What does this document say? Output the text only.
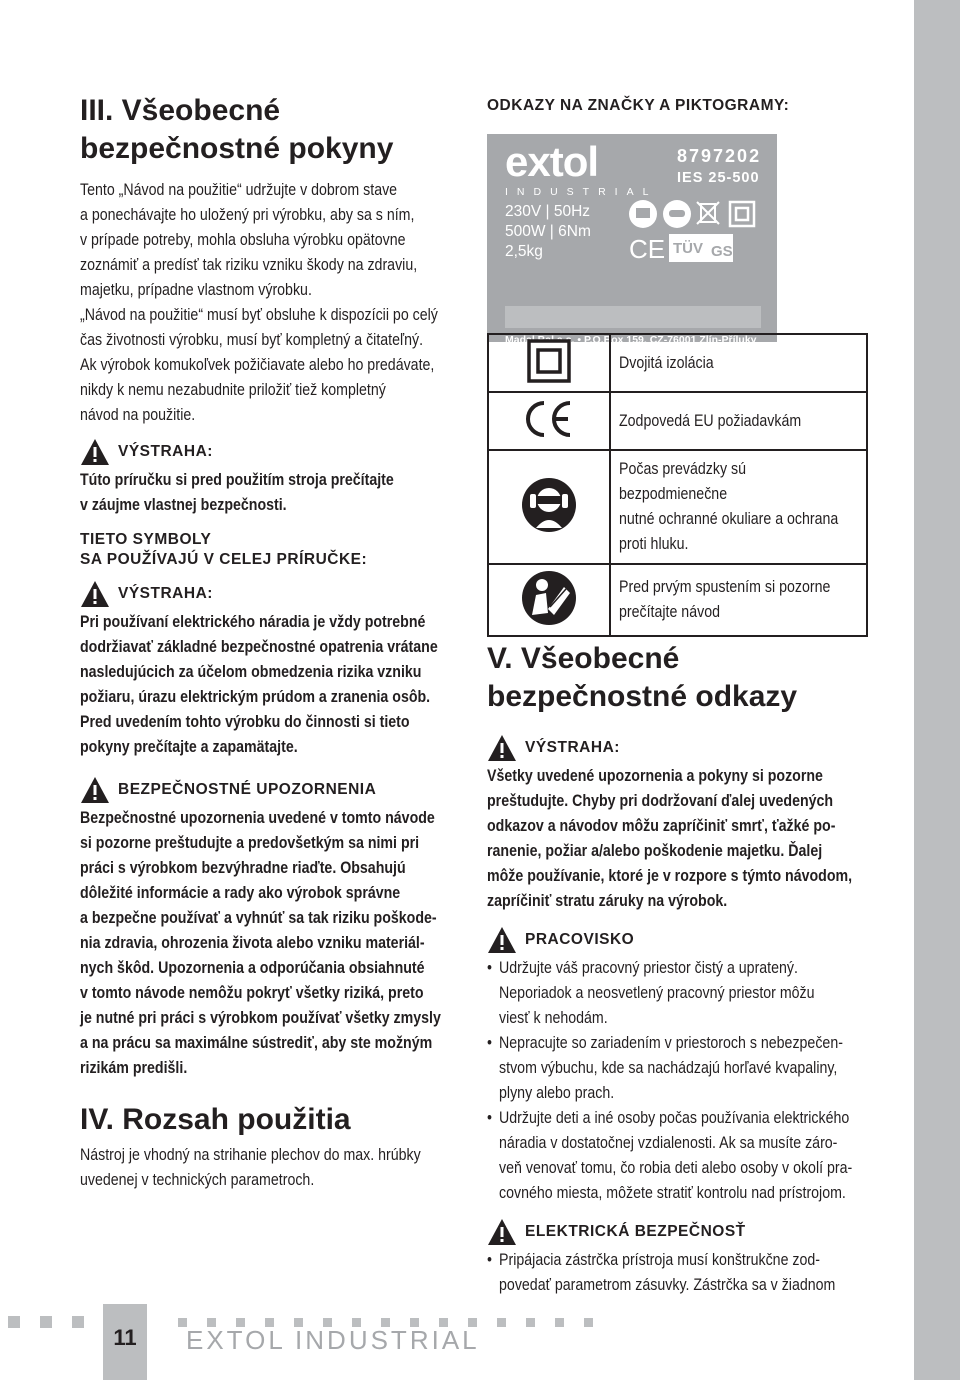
III. Všeobecné
bezpečnostné pokyny
Tento „Návod na použitie“ udržujte v dobrom stave
a ponechávajte ho uložený pri výrobku, aby sa s ním,
v prípade potreby, mohla obsluha výrobku opätovne
zoznámiť a predísť tak riziku vzniku škody na zdraviu,
majetku, prípadne vlastnom výrobku.
„Návod na použitie“ musí byť obsluhe k dispozícii po celý
čas životnosti výrobku, musí byť kompletný a čitateľný.
Ak výrobok komukoľvek požičiavate alebo ho predávate,
nikdy k nemu nezabudnite priložiť tiež kompletný
návod na použitie.
VÝSTRAHA:
Túto príručku si pred použitím stroja prečítajte
v záujme vlastnej bezpečnosti.
TIETO SYMBOLY
SA POUŽÍVAJÚ V CELEJ PRÍRUČKE:
VÝSTRAHA:
Pri používaní elektrického náradia je vždy potrebné
dodržiavať základné bezpečnostné opatrenia vrátane
nasledujúcich za účelom obmedzenia rizika vzniku
požiaru, úrazu elektrickým prúdom a zranenia osôb.
Pred uvedením tohto výrobku do činnosti si tieto
pokyny prečítajte a zapamätajte.
BEZPEČNOSTNÉ UPOZORNENIA
Bezpečnostné upozornenia uvedené v tomto návode
si pozorne preštudujte a predovšetkým sa nimi pri
práci s výrobkom bezvýhradne riaďte. Obsahujú
dôležité informácie a rady ako výrobok správne
a bezpečne používať a vyhnúť sa tak riziku poškode-
nia zdravia, ohrozenia života alebo vzniku materiál-
nych škôd. Upozornenia a odporúčania obsiahnuté
v tomto návode nemôžu pokryť všetky riziká, preto
je nutné pri práci s výrobkom používať všetky zmysly
a na prácu sa maximálne sústrediť, aby ste možným
rizikám predišli.
IV. Rozsah použitia
Nástroj je vhodný na strihanie plechov do max. hrúbky
uvedenej v technických parametroch.
ODKAZY NA ZNAČKY A PIKTOGRAMY:
extol
INDUSTRIAL
8797202
IES 25-500
230V | 50Hz
500W | 6Nm
2,5kg	CE TÜV GS
Madal Bal a.s. • P.O.Box 159, CZ-76001 Zlín-Příluky

Dvojitá izolácia

Zodpovedá EU požiadavkám

Počas prevádzky sú bezpodmienečne
nutné ochranné okuliare a ochrana
proti hluku.

Pred prvým spustením si pozorne
prečítajte návod
V. Všeobecné
bezpečnostné odkazy
VÝSTRAHA:
Všetky uvedené upozornenia a pokyny si pozorne
preštudujte. Chyby pri dodržovaní ďalej uvedených
odkazov a návodov môžu zapríčiniť smrť, ťažké po-
ranenie, požiar a/alebo poškodenie majetku. Ďalej
môže používanie, ktoré je v rozpore s týmto návodom,
zapríčiniť stratu záruky na výrobok.
PRACOVISKO
• Udržujte váš pracovný priestor čistý a upratený.
Neporiadok a neosvetlený pracovný priestor môžu
viesť k nehodám.
• Nepracujte so zariadením v priestoroch s nebezpečen-
stvom výbuchu, kde sa nachádzajú horľavé kvapaliny,
plyny alebo prach.
• Udržujte deti a iné osoby počas používania elektrického
náradia v dostatočnej vzdialenosti. Ak sa musíte záro-
veň venovať tomu, čo robia deti alebo osoby v okolí pra-
covného miesta, môžete stratiť kontrolu nad prístrojom.
ELEKTRICKÁ BEZPEČNOSŤ
• Pripájacia zástrčka prístroja musí konštrukčne zod-
povedať parametrom zásuvky. Zástrčka sa v žiadnom
11	EXTOL INDUSTRIAL	SK
